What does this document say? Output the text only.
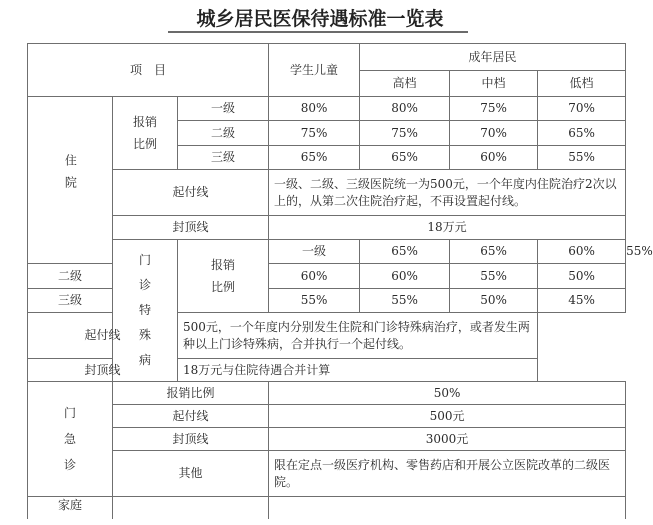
城乡居民医保待遇标准一览表
项　目			学生儿童	成年居民			
				高档	中档	低档	
住院	报销比例	一级	80%	80%	75%	70%	
		二级	75%	75%	70%	65%	
		三级	65%	65%	60%	55%	
	起付线		一级、二级、三级医院统一为500元，一个年度内住院治疗2次以上的，从第二次住院治疗起，不再设置起付线。				
	封顶线		18万元				
	门诊特殊病	报销比例	一级	65%	65%	60%	55%
二级			60%	60%	55%	50%	
三级			55%	55%	50%	45%	
起付线		500元，一个年度内分别发生住院和门诊特殊病治疗，或者发生两种以上门诊特殊病，合并执行一个起付线。					
封顶线		18万元与住院待遇合并计算					
门急诊	报销比例		50%				
	起付线		500元				
	封顶线		3000元				
	其他		限在定点一级医疗机构、零售药店和开展公立医院改革的二级医院。				
家庭							
